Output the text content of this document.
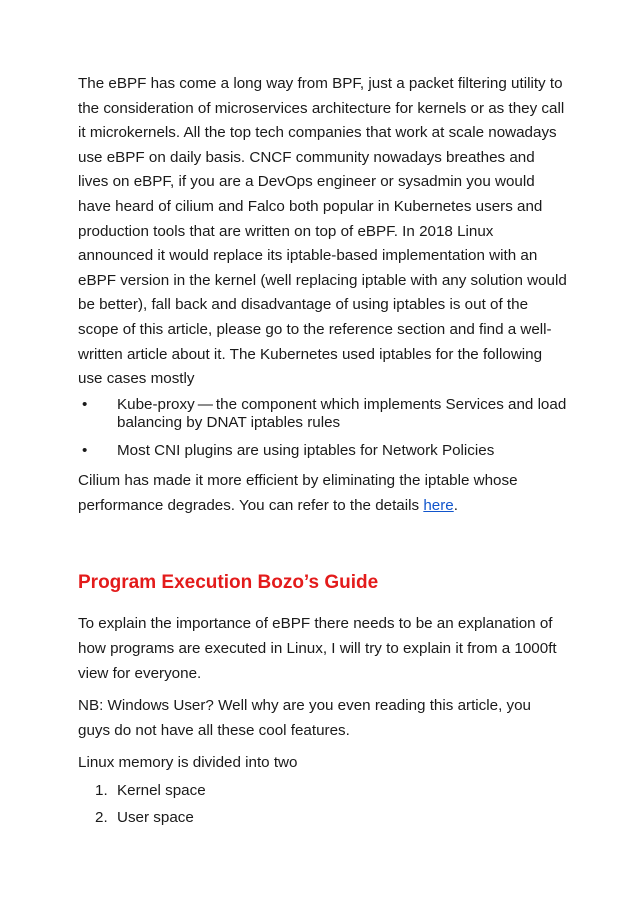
The eBPF has come a long way from BPF, just a packet filtering utility to
the consideration of microservices architecture for kernels or as they call
it microkernels. All the top tech companies that work at scale nowadays
use eBPF on daily basis. CNCF community nowadays breathes and
lives on eBPF, if you are a DevOps engineer or sysadmin you would
have heard of cilium and Falco both popular in Kubernetes users and
production tools that are written on top of eBPF. In 2018 Linux
announced it would replace its iptable-based implementation with an
eBPF version in the kernel (well replacing iptable with any solution would
be better), fall back and disadvantage of using iptables is out of the
scope of this article, please go to the reference section and find a well-
written article about it. The Kubernetes used iptables for the following
use cases mostly

• Kube-proxy — the component which implements Services and load
balancing by DNAT iptables rules
• Most CNI plugins are using iptables for Network Policies

Cilium has made it more efficient by eliminating the iptable whose
performance degrades. You can refer to the details here.

Program Execution Bozo’s Guide

To explain the importance of eBPF there needs to be an explanation of
how programs are executed in Linux, I will try to explain it from a 1000ft
view for everyone.

NB: Windows User? Well why are you even reading this article, you
guys do not have all these cool features.

Linux memory is divided into two

1. Kernel space
2. User space
